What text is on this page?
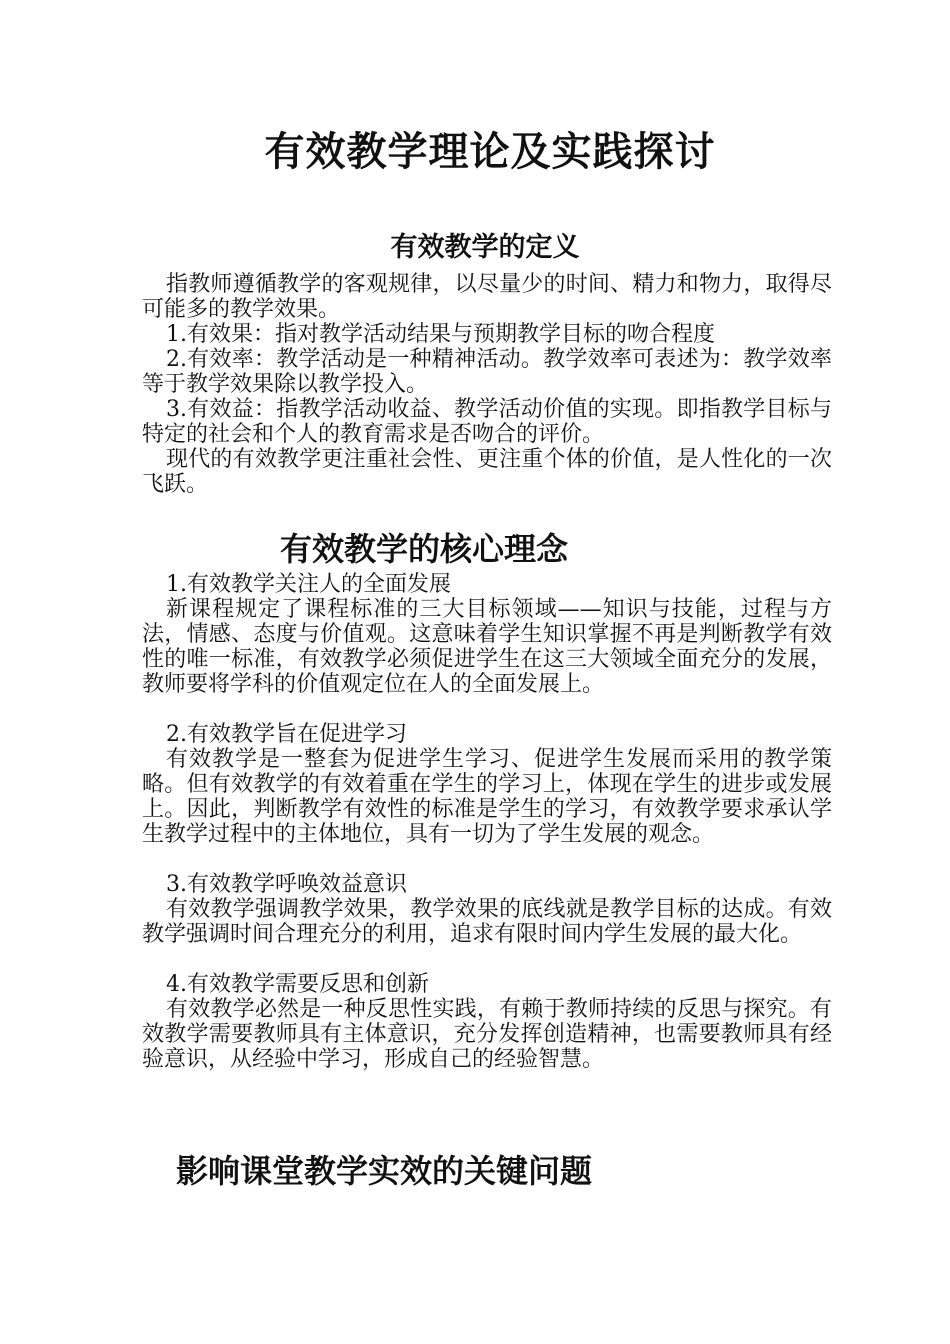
有效教学理论及实践探讨
有效教学的定义

指教师遵循教学的客观规律，以尽量少的时间、精力和物力，取得尽可能多的教学效果。

1.有效果：指对教学活动结果与预期教学目标的吻合程度

2.有效率：教学活动是一种精神活动。教学效率可表述为：教学效率等于教学效果除以教学投入。

3.有效益：指教学活动收益、教学活动价值的实现。即指教学目标与特定的社会和个人的教育需求是否吻合的评价。

现代的有效教学更注重社会性、更注重个体的价值，是人性化的一次飞跃。

有效教学的核心理念

1.有效教学关注人的全面发展

新课程规定了课程标准的三大目标领域——知识与技能，过程与方法，情感、态度与价值观。这意味着学生知识掌握不再是判断教学有效性的唯一标准，有效教学必须促进学生在这三大领域全面充分的发展，教师要将学科的价值观定位在人的全面发展上。

2.有效教学旨在促进学习

有效教学是一整套为促进学生学习、促进学生发展而采用的教学策略。但有效教学的有效着重在学生的学习上，体现在学生的进步或发展上。因此，判断教学有效性的标准是学生的学习，有效教学要求承认学生教学过程中的主体地位，具有一切为了学生发展的观念。

3.有效教学呼唤效益意识

有效教学强调教学效果，教学效果的底线就是教学目标的达成。有效教学强调时间合理充分的利用，追求有限时间内学生发展的最大化。

4.有效教学需要反思和创新

有效教学必然是一种反思性实践，有赖于教师持续的反思与探究。有效教学需要教师具有主体意识，充分发挥创造精神，也需要教师具有经验意识，从经验中学习，形成自己的经验智慧。

影响课堂教学实效的关键问题
